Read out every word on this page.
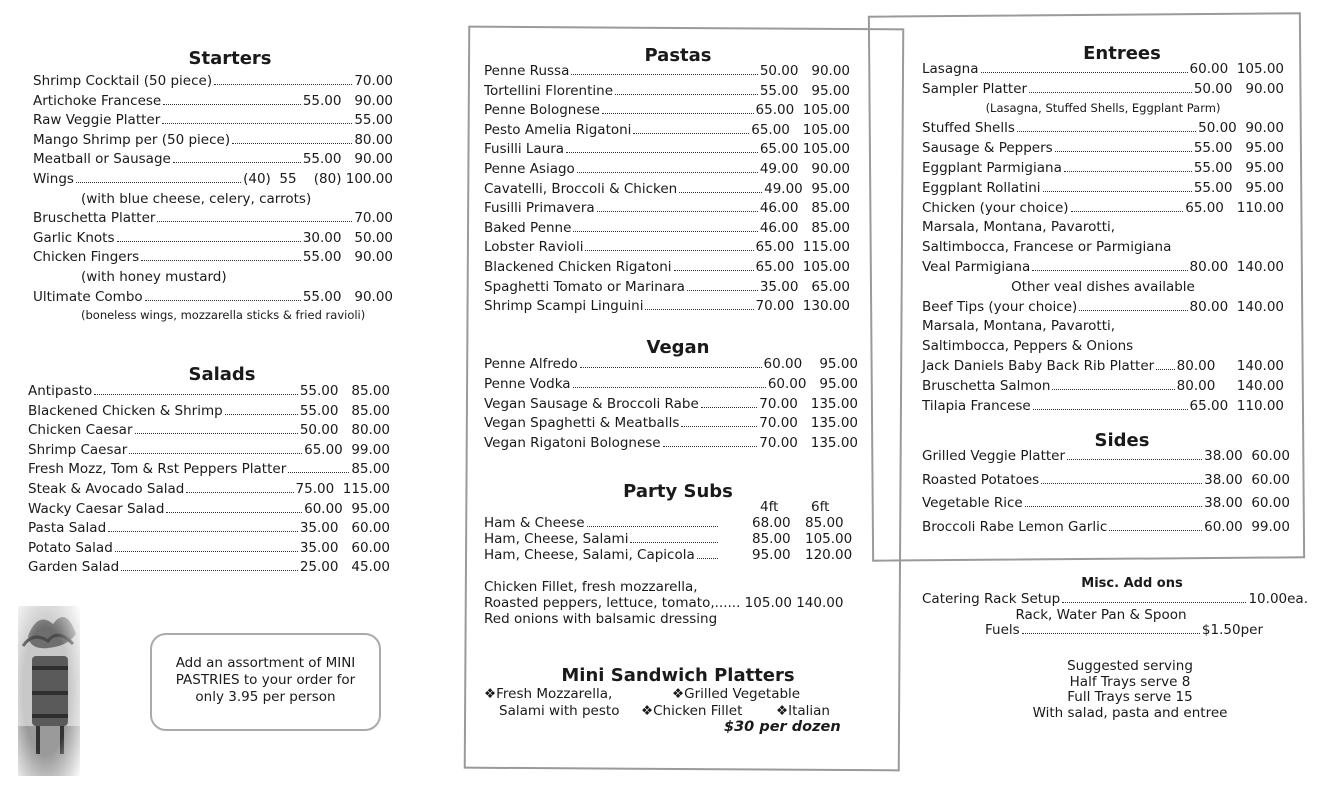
Starters
Shrimp Cocktail (50 piece)	70.00
Artichoke Francese	55.00   90.00
Raw Veggie Platter	55.00
Mango Shrimp per (50 piece)	80.00
Meatball or Sausage	55.00   90.00
Wings	(40)  55    (80) 100.00
(with blue cheese, celery, carrots)
Bruschetta Platter	70.00
Garlic Knots	30.00   50.00
Chicken Fingers	55.00   90.00
(with honey mustard)
Ultimate Combo	55.00   90.00
(boneless wings, mozzarella sticks & fried ravioli)
Salads
Antipasto	55.00   85.00
Blackened Chicken & Shrimp	55.00   85.00
Chicken Caesar	50.00   80.00
Shrimp Caesar	65.00  99.00
Fresh Mozz, Tom & Rst Peppers Platter	85.00
Steak & Avocado Salad	75.00  115.00
Wacky Caesar Salad	60.00  95.00
Pasta Salad	35.00   60.00
Potato Salad	35.00   60.00
Garden Salad	25.00   45.00
Add an assortment of MINI
PASTRIES to your order for
only 3.95 per person
Pastas
Penne Russa	50.00   90.00
Tortellini Florentine	55.00   95.00
Penne Bolognese	65.00  105.00
Pesto Amelia Rigatoni	65.00   105.00
Fusilli Laura	65.00 105.00
Penne Asiago	49.00   90.00
Cavatelli, Broccoli & Chicken	49.00  95.00
Fusilli Primavera	46.00   85.00
Baked Penne	46.00   85.00
Lobster Ravioli	65.00  115.00
Blackened Chicken Rigatoni	65.00  105.00
Spaghetti Tomato or Marinara	35.00   65.00
Shrimp Scampi Linguini	70.00  130.00
Vegan
Penne Alfredo	60.00    95.00
Penne Vodka	60.00   95.00
Vegan Sausage & Broccoli Rabe	70.00   135.00
Vegan Spaghetti & Meatballs	70.00   135.00
Vegan Rigatoni Bolognese	70.00   135.00
Party Subs
4ft 6ft
Ham & Cheese	68.00 85.00
Ham, Cheese, Salami	85.00 105.00
Ham, Cheese, Salami, Capicola	95.00 120.00
Chicken Fillet, fresh mozzarella,
Roasted peppers, lettuce, tomato,...... 105.00 140.00
Red onions with balsamic dressing
Mini Sandwich Platters
❖Fresh Mozzarella,
Salami with pesto
❖Grilled Vegetable
❖Chicken Fillet ❖Italian
$30 per dozen
Entrees
Lasagna	60.00  105.00
Sampler Platter	50.00   90.00
(Lasagna, Stuffed Shells, Eggplant Parm)
Stuffed Shells	50.00  90.00
Sausage & Peppers	55.00   95.00
Eggplant Parmigiana	55.00   95.00
Eggplant Rollatini	55.00   95.00
Chicken (your choice)	65.00   110.00
Marsala, Montana, Pavarotti,
Saltimbocca, Francese or Parmigiana
Veal Parmigiana	80.00  140.00
Other veal dishes available
Beef Tips (your choice)	80.00  140.00
Marsala, Montana, Pavarotti,
Saltimbocca, Peppers & Onions
Jack Daniels Baby Back Rib Platter 80.00     140.00
Bruschetta Salmon	80.00     140.00
Tilapia Francese	65.00  110.00
Sides
Grilled Veggie Platter	38.00  60.00
Roasted Potatoes	38.00  60.00
Vegetable Rice	38.00  60.00
Broccoli Rabe Lemon Garlic	60.00  99.00
Misc. Add ons
Catering Rack Setup	10.00ea.
Rack, Water Pan & Spoon
Fuels	$1.50per
Suggested serving
Half Trays serve 8
Full Trays serve 15
With salad, pasta and entree
